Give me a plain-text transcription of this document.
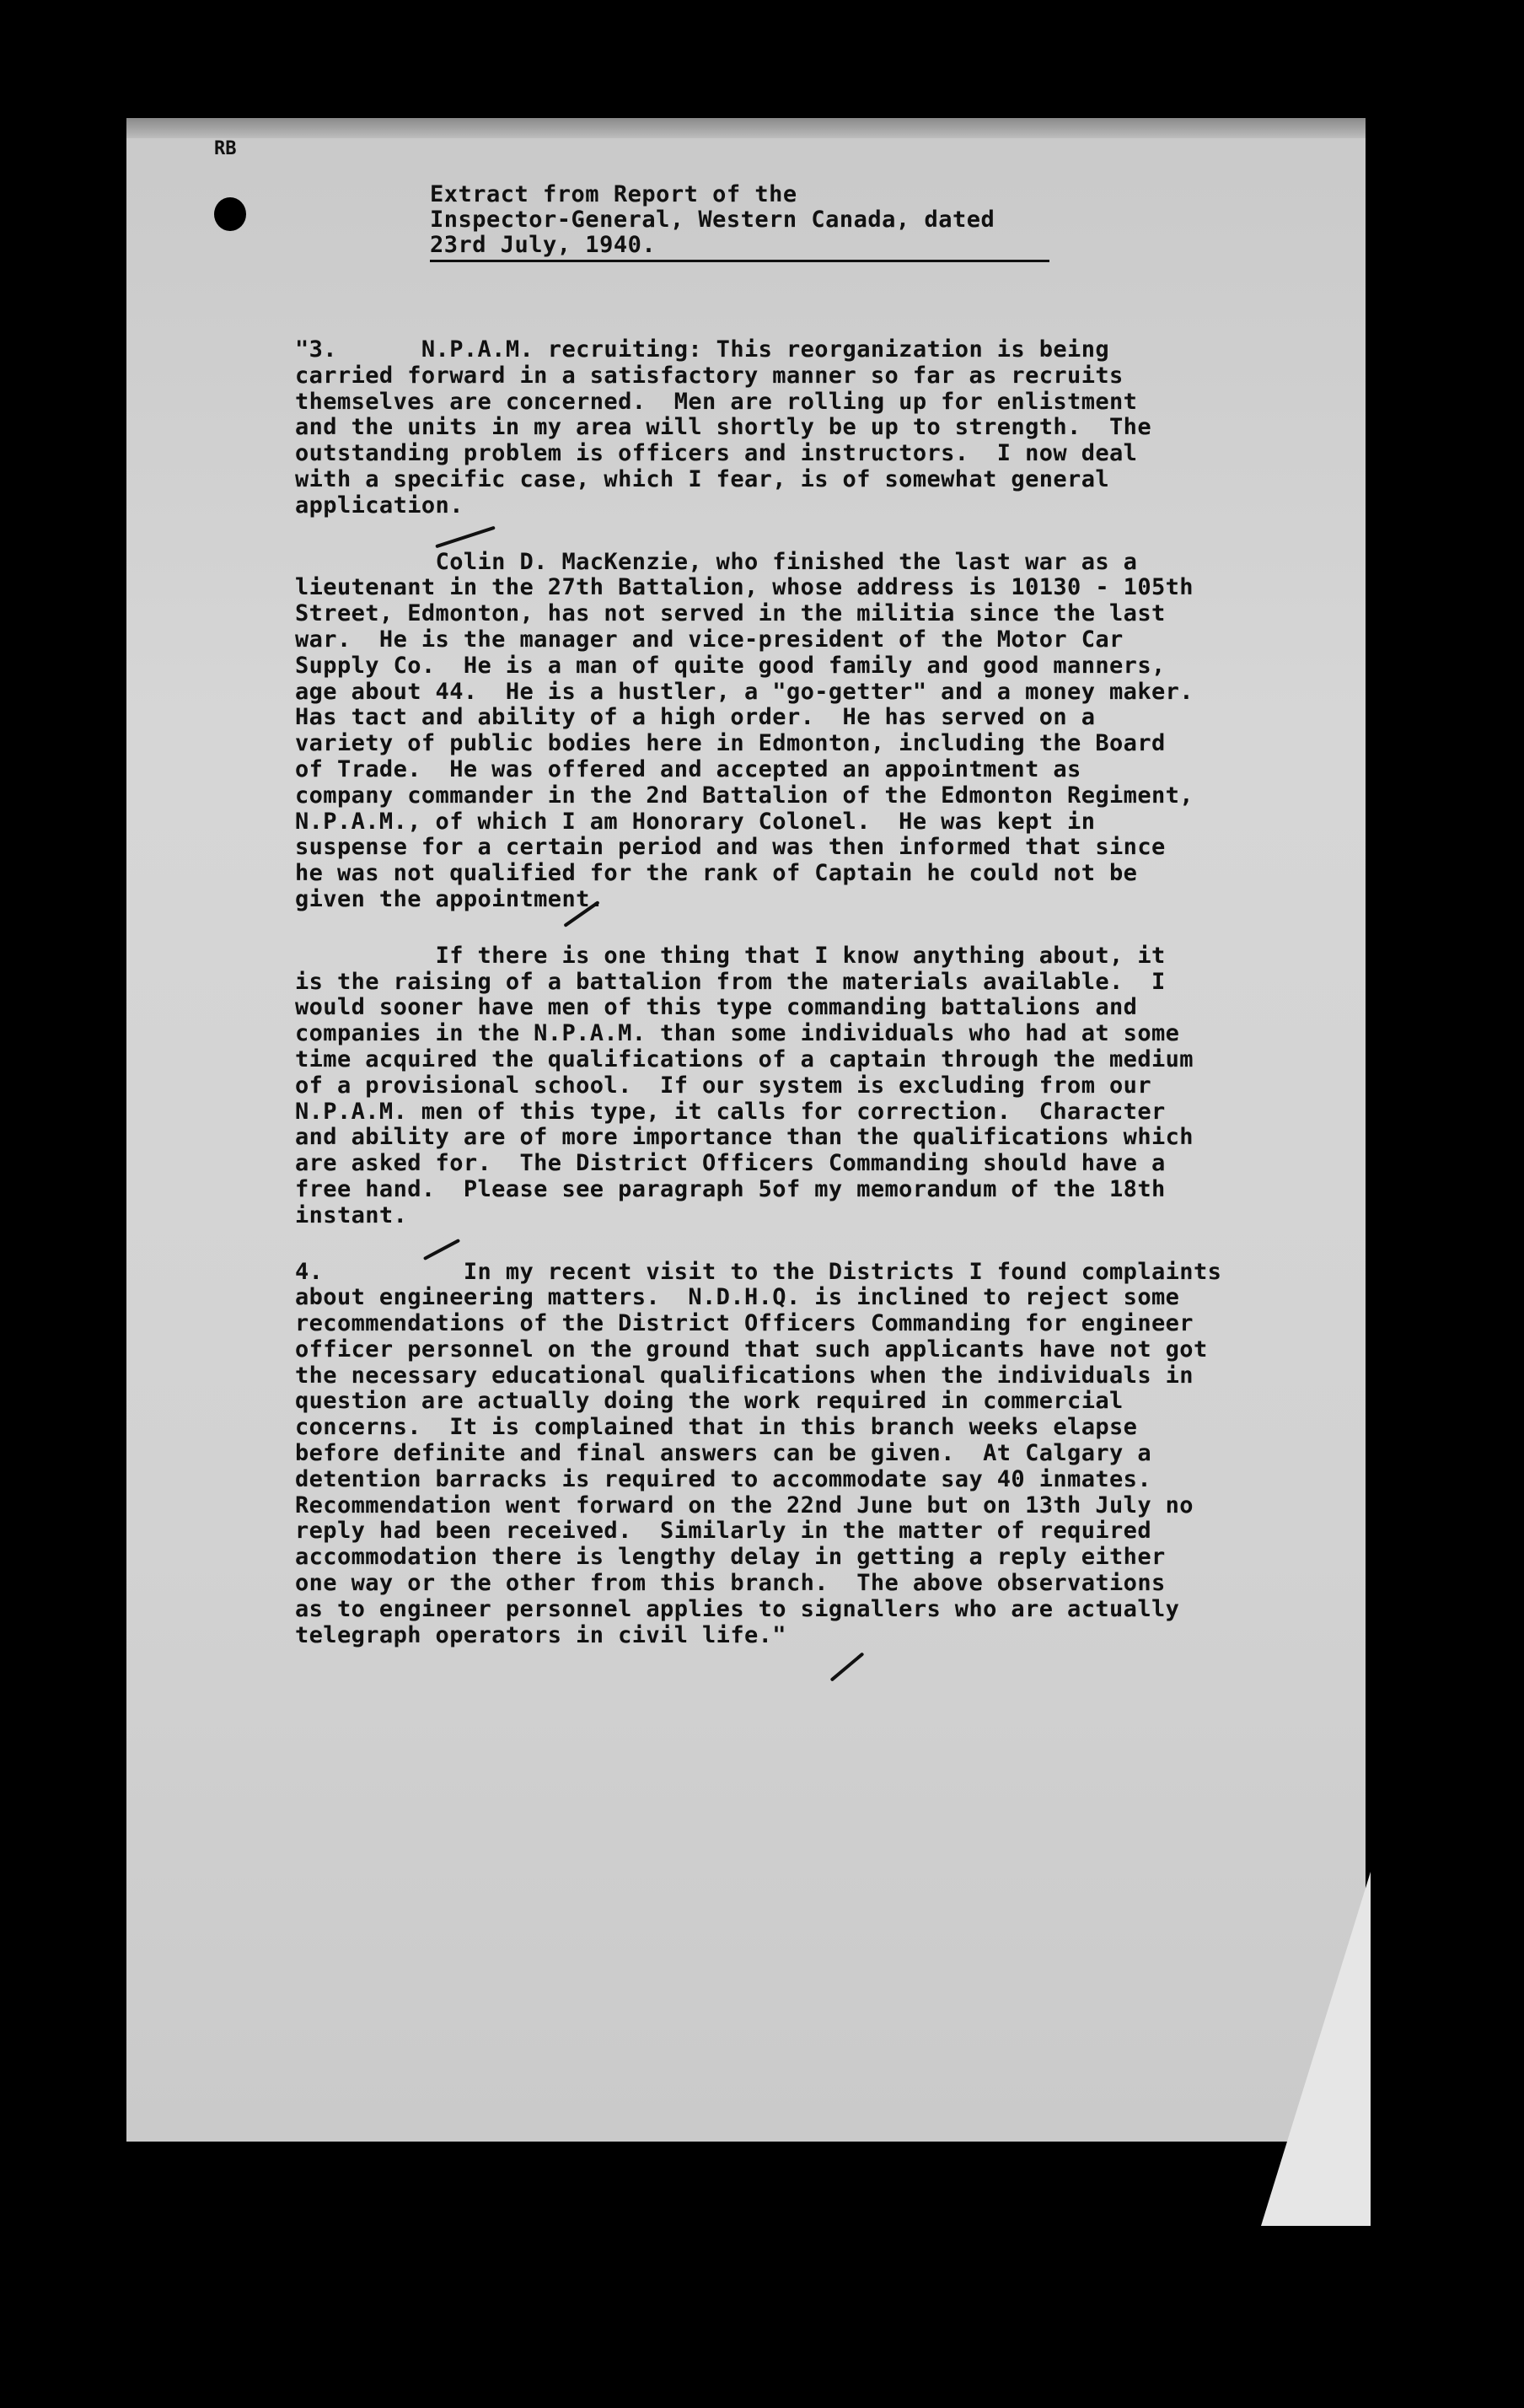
RB
Extract from Report of the
Inspector-General, Western Canada, dated
23rd July, 1940.

"3.      N.P.A.M. recruiting: This reorganization is being
carried forward in a satisfactory manner so far as recruits
themselves are concerned.  Men are rolling up for enlistment
and the units in my area will shortly be up to strength.  The
outstanding problem is officers and instructors.  I now deal
with a specific case, which I fear, is of somewhat general
application.

Colin D. MacKenzie, who finished the last war as a
lieutenant in the 27th Battalion, whose address is 10130 - 105th
Street, Edmonton, has not served in the militia since the last
war.  He is the manager and vice-president of the Motor Car
Supply Co.  He is a man of quite good family and good manners,
age about 44.  He is a hustler, a "go-getter" and a money maker.
Has tact and ability of a high order.  He has served on a
variety of public bodies here in Edmonton, including the Board
of Trade.  He was offered and accepted an appointment as
company commander in the 2nd Battalion of the Edmonton Regiment,
N.P.A.M., of which I am Honorary Colonel.  He was kept in
suspense for a certain period and was then informed that since
he was not qualified for the rank of Captain he could not be
given the appointment.

If there is one thing that I know anything about, it
is the raising of a battalion from the materials available.  I
would sooner have men of this type commanding battalions and
companies in the N.P.A.M. than some individuals who had at some
time acquired the qualifications of a captain through the medium
of a provisional school.  If our system is excluding from our
N.P.A.M. men of this type, it calls for correction.  Character
and ability are of more importance than the qualifications which
are asked for.  The District Officers Commanding should have a
free hand.  Please see paragraph 5of my memorandum of the 18th
instant.

4.          In my recent visit to the Districts I found complaints
about engineering matters.  N.D.H.Q. is inclined to reject some
recommendations of the District Officers Commanding for engineer
officer personnel on the ground that such applicants have not got
the necessary educational qualifications when the individuals in
question are actually doing the work required in commercial
concerns.  It is complained that in this branch weeks elapse
before definite and final answers can be given.  At Calgary a
detention barracks is required to accommodate say 40 inmates.
Recommendation went forward on the 22nd June but on 13th July no
reply had been received.  Similarly in the matter of required
accommodation there is lengthy delay in getting a reply either
one way or the other from this branch.  The above observations
as to engineer personnel applies to signallers who are actually
telegraph operators in civil life."
